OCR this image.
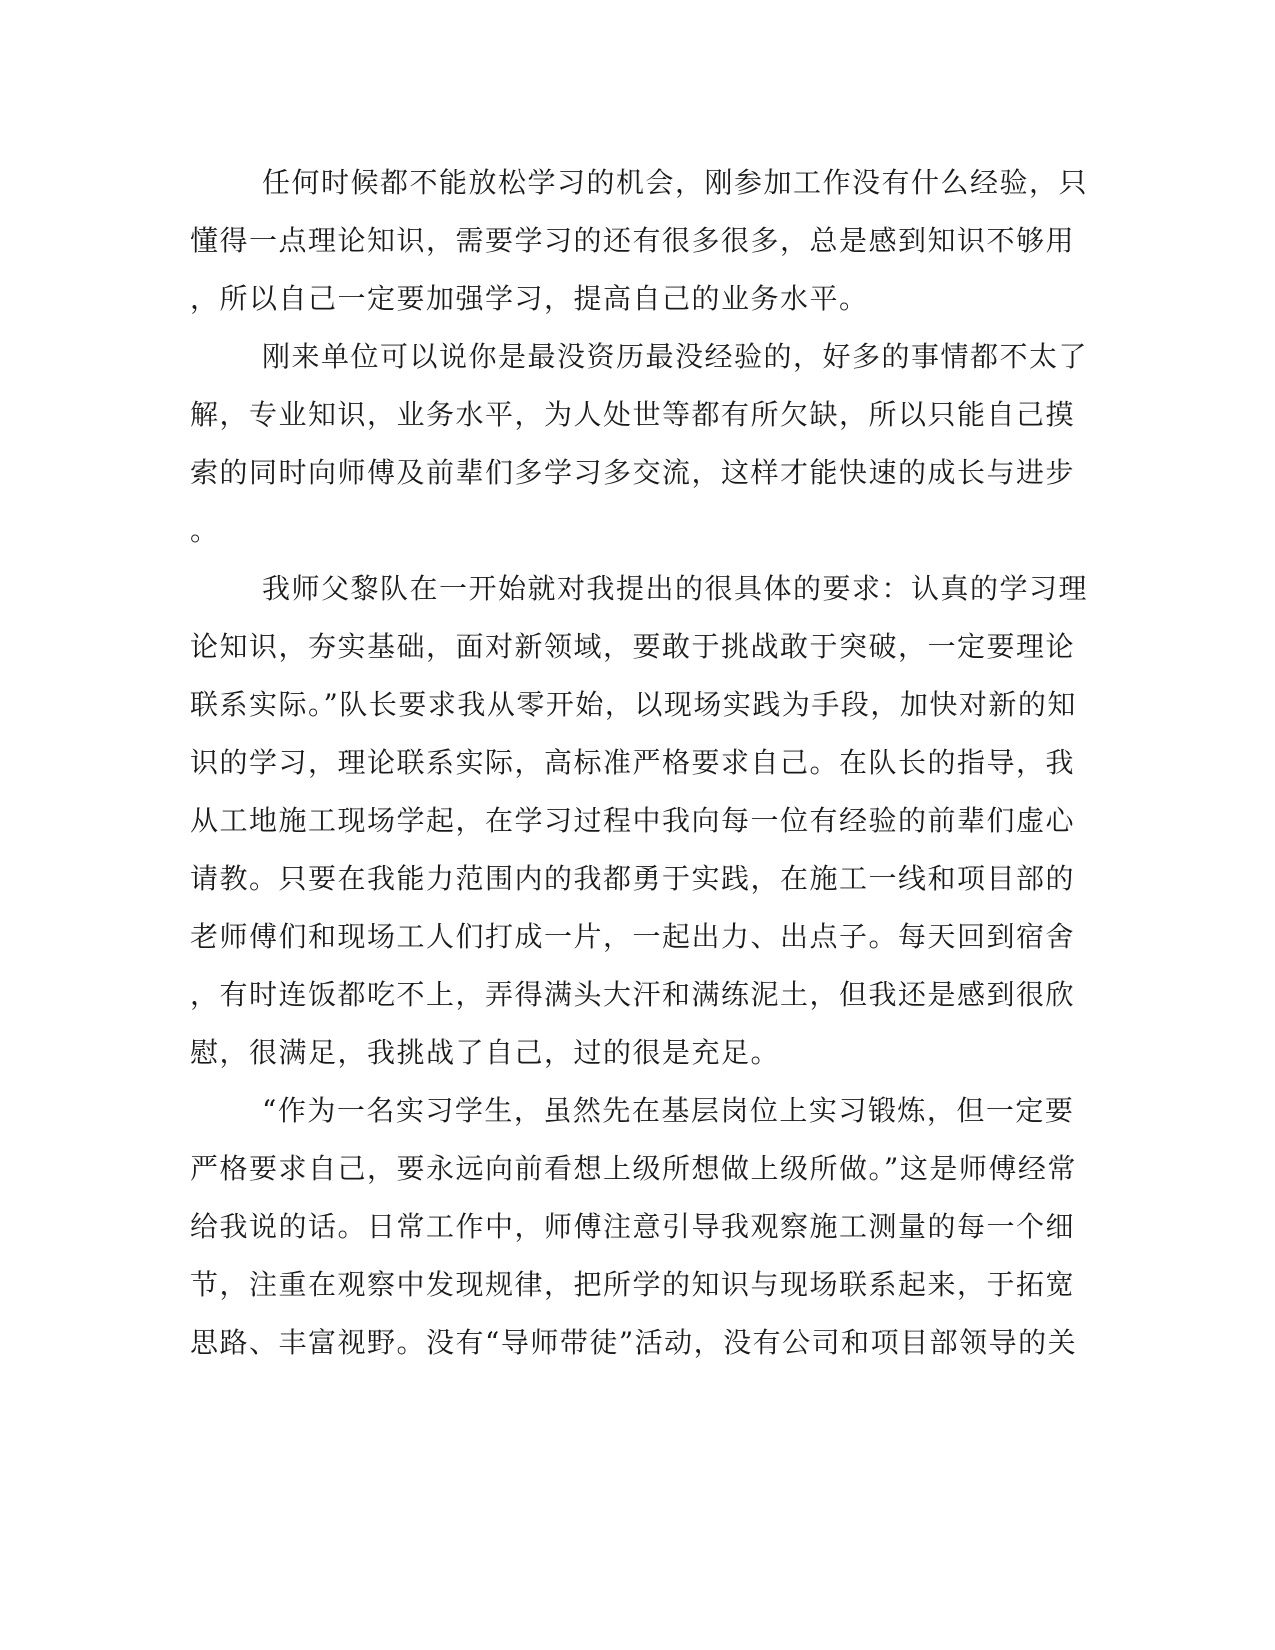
任何时候都不能放松学习的机会，刚参加工作没有什么经验，只
懂得一点理论知识，需要学习的还有很多很多，总是感到知识不够用
，所以自己一定要加强学习，提高自己的业务水平。
刚来单位可以说你是最没资历最没经验的，好多的事情都不太了
解，专业知识，业务水平，为人处世等都有所欠缺，所以只能自己摸
索的同时向师傅及前辈们多学习多交流，这样才能快速的成长与进步
。
我师父黎队在一开始就对我提出的很具体的要求：认真的学习理
论知识，夯实基础，面对新领域，要敢于挑战敢于突破，一定要理论
联系实际。”队长要求我从零开始，以现场实践为手段，加快对新的知
识的学习，理论联系实际，高标准严格要求自己。在队长的指导，我
从工地施工现场学起，在学习过程中我向每一位有经验的前辈们虚心
请教。只要在我能力范围内的我都勇于实践，在施工一线和项目部的
老师傅们和现场工人们打成一片，一起出力、出点子。每天回到宿舍
，有时连饭都吃不上，弄得满头大汗和满练泥土，但我还是感到很欣
慰，很满足，我挑战了自己，过的很是充足。
“作为一名实习学生，虽然先在基层岗位上实习锻炼，但一定要
严格要求自己，要永远向前看想上级所想做上级所做。”这是师傅经常
给我说的话。日常工作中，师傅注意引导我观察施工测量的每一个细
节，注重在观察中发现规律，把所学的知识与现场联系起来，于拓宽
思路、丰富视野。没有“导师带徒”活动，没有公司和项目部领导的关
